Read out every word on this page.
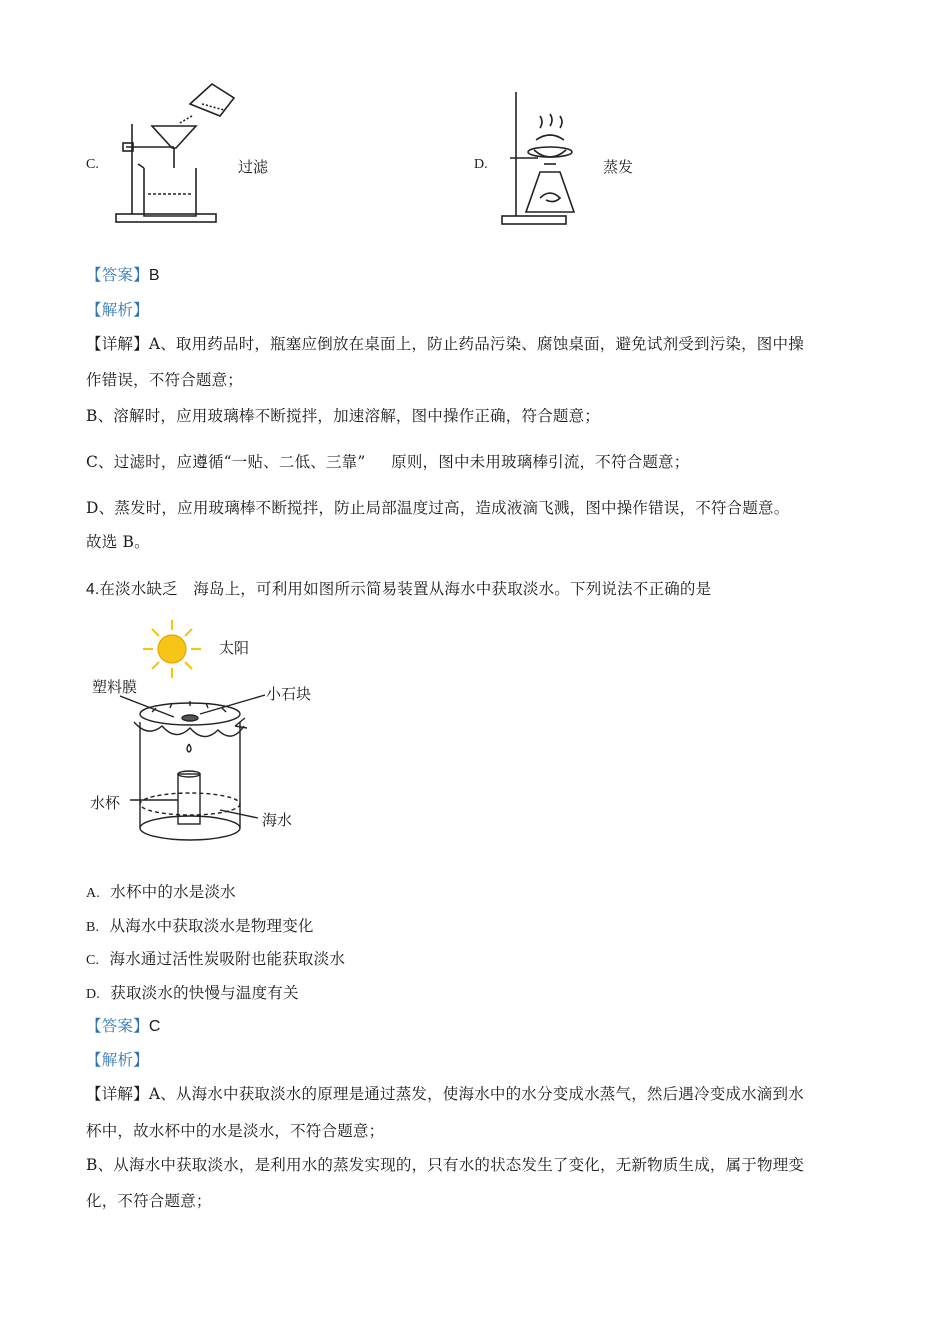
C.	过滤	D.	蒸发
【答案】B
【解析】
【详解】A、取用药品时，瓶塞应倒放在桌面上，防止药品污染、腐蚀桌面，避免试剂受到污染，图中操
作错误，不符合题意；
B、溶解时，应用玻璃棒不断搅拌，加速溶解，图中操作正确，符合题意；
C、过滤时，应遵循“一贴、二低、三靠”     原则，图中未用玻璃棒引流，不符合题意；
D、蒸发时，应用玻璃棒不断搅拌，防止局部温度过高，造成液滴飞溅，图中操作错误，不符合题意。
故选 B。
4.在淡水缺乏   海岛上，可利用如图所示简易装置从海水中获取淡水。下列说法不正确的是
太阳
塑料膜	小石块
水杯
海水
A. 水杯中的水是淡水
B. 从海水中获取淡水是物理变化
C. 海水通过活性炭吸附也能获取淡水
D. 获取淡水的快慢与温度有关
【答案】C
【解析】
【详解】A、从海水中获取淡水的原理是通过蒸发，使海水中的水分变成水蒸气，然后遇冷变成水滴到水
杯中，故水杯中的水是淡水，不符合题意；
B、从海水中获取淡水，是利用水的蒸发实现的，只有水的状态发生了变化，无新物质生成，属于物理变
化，不符合题意；
